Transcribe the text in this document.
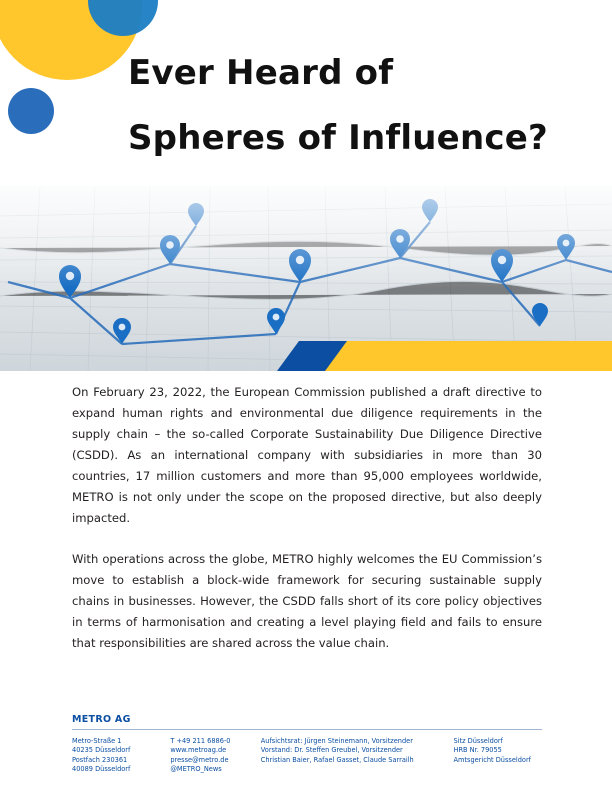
Ever Heard of
Spheres of Influence?

On February 23, 2022, the European Commission published a draft directive to expand human rights and environmental due diligence requirements in the supply chain – the so-called Corporate Sustainability Due Diligence Directive (CSDD). As an international company with subsidiaries in more than 30 countries, 17 million customers and more than 95,000 employees worldwide, METRO is not only under the scope on the proposed directive, but also deeply impacted.

With operations across the globe, METRO highly welcomes the EU Commission’s move to establish a block-wide framework for securing sustainable supply chains in businesses. However, the CSDD falls short of its core policy objectives in terms of harmonisation and creating a level playing field and fails to ensure that responsibilities are shared across the value chain.

METRO AG
Metro-Straße 1
40235 Düsseldorf
Postfach 230361
40089 Düsseldorf
T +49 211 6886-0
www.metroag.de
presse@metro.de
@METRO_News
Aufsichtsrat: Jürgen Steinemann, Vorsitzender
Vorstand: Dr. Steffen Greubel, Vorsitzender
Christian Baier, Rafael Gasset, Claude Sarrailh
Sitz Düsseldorf
HRB Nr. 79055
Amtsgericht Düsseldorf
